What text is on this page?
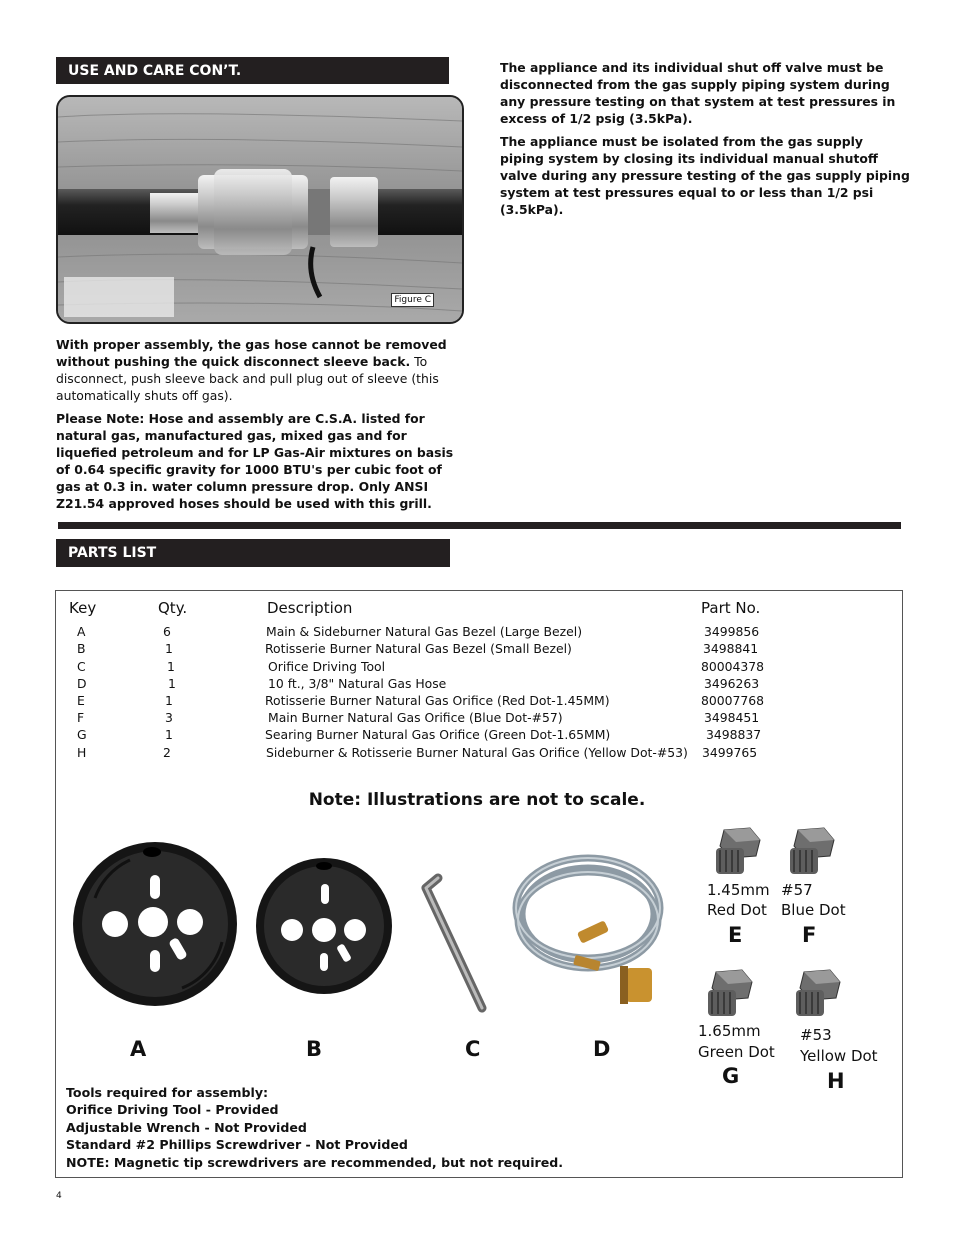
USE AND CARE CON’T.
Figure C

With proper assembly, the gas hose cannot be removed without pushing the quick disconnect sleeve back. To disconnect, push sleeve back and pull plug out of sleeve (this automatically shuts off gas).

Please Note: Hose and assembly are C.S.A. listed for natural gas, manufactured gas, mixed gas and for liquefied petroleum and for LP Gas-Air mixtures on basis of 0.64 specific gravity for 1000 BTU's per cubic foot of gas at 0.3 in. water column pressure drop. Only ANSI Z21.54 approved hoses should be used with this grill.

The appliance and its individual shut off valve must be disconnected from the gas supply piping system during any pressure testing on that system at test pressures in excess of 1/2 psig (3.5kPa).

The appliance must be isolated from the gas supply piping system by closing its individual manual shutoff valve during any pressure testing of the gas supply piping system at test pressures equal to or less than 1/2 psi (3.5kPa).

PARTS LIST
Key	Qty.	Description	Part No.
A	6	Main & Sideburner Natural Gas Bezel (Large Bezel)	3499856
B	1	Rotisserie Burner Natural Gas Bezel (Small Bezel)	3498841
C	1	Orifice Driving Tool	80004378
D	1	10 ft., 3/8" Natural Gas Hose	3496263
E	1	Rotisserie Burner Natural Gas Orifice (Red Dot-1.45MM)	80007768
F	3	Main Burner Natural Gas Orifice (Blue Dot-#57)	3498451
G	1	Searing Burner Natural Gas Orifice (Green Dot-1.65MM)	3498837
H	2	Sideburner & Rotisserie Burner Natural Gas Orifice (Yellow Dot-#53) 3499765
Note: Illustrations are not to scale.
A	B	C	D
1.45mm
Red Dot
E
#57
Blue Dot
F
1.65mm
Green Dot
G
#53
Yellow Dot
H
Tools required for assembly:
Orifice Driving Tool - Provided
Adjustable Wrench - Not Provided
Standard #2 Phillips Screwdriver - Not Provided
NOTE: Magnetic tip screwdrivers are recommended, but not required.
4
